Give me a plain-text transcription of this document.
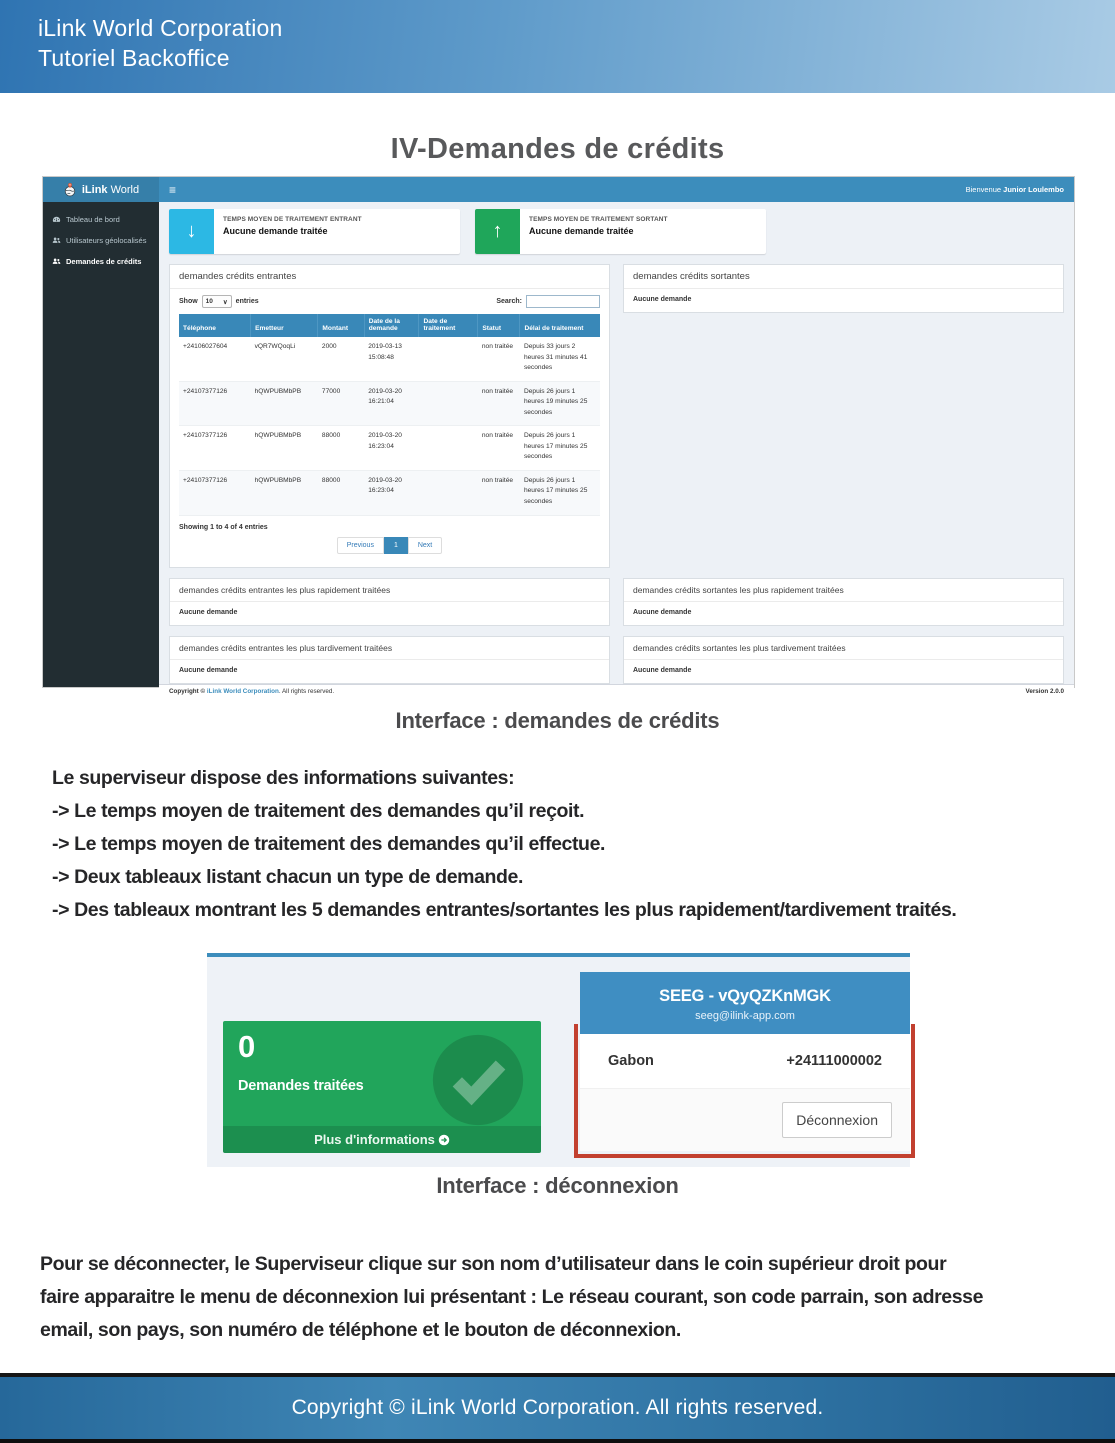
iLink World Corporation
Tutoriel Backoffice
IV-Demandes de crédits
iLink World ≡	Bienvenue Junior Loulembo
Tableau de bord
Utilisateurs géolocalisés
Demandes de crédits
↓
TEMPS MOYEN DE TRAITEMENT ENTRANT
Aucune demande traitée	↑
TEMPS MOYEN DE TRAITEMENT SORTANT
Aucune demande traitée
demandes crédits entrantes
Show 10 ∨ entries	Search:
Téléphone	Emetteur	Montant	Date de la demande	Date de traitement	Statut	Délai de traitement
+24106027604	vQR7WQoqLi	2000	2019-03-13 15:08:48		non traitée	Depuis 33 jours 2 heures 31 minutes 41 secondes
+24107377126	hQWPUBMbPB	77000	2019-03-20 16:21:04		non traitée	Depuis 26 jours 1 heures 19 minutes 25 secondes
+24107377126	hQWPUBMbPB	88000	2019-03-20 16:23:04		non traitée	Depuis 26 jours 1 heures 17 minutes 25 secondes
+24107377126	hQWPUBMbPB	88000	2019-03-20 16:23:04		non traitée	Depuis 26 jours 1 heures 17 minutes 25 secondes
Showing 1 to 4 of 4 entries
Previous	1	Next
demandes crédits sortantes
Aucune demande
demandes crédits entrantes les plus rapidement traitées
Aucune demande
demandes crédits sortantes les plus rapidement traitées
Aucune demande
demandes crédits entrantes les plus tardivement traitées
Aucune demande
demandes crédits sortantes les plus tardivement traitées
Aucune demande
Copyright © iLink World Corporation. All rights reserved.	Version 2.0.0
Interface : demandes de crédits
Le superviseur dispose des informations suivantes:
-> Le temps moyen de traitement des demandes qu’il reçoit.
-> Le temps moyen de traitement des demandes qu’il effectue.
-> Deux tableaux listant chacun un type de demande.
-> Des tableaux montrant les 5 demandes entrantes/sortantes les plus rapidement/tardivement traités.
0
Demandes traitées
Plus d'informations
SEEG - vQyQZKnMGK
seeg@ilink-app.com
Gabon	+24111000002
Déconnexion
Interface : déconnexion
Pour se déconnecter, le Superviseur clique sur son nom d’utilisateur dans le coin supérieur droit pour faire apparaitre le menu de déconnexion lui présentant : Le réseau courant, son code parrain, son adresse email, son pays, son numéro de téléphone et le bouton de déconnexion.
Copyright © iLink World Corporation. All rights reserved.
